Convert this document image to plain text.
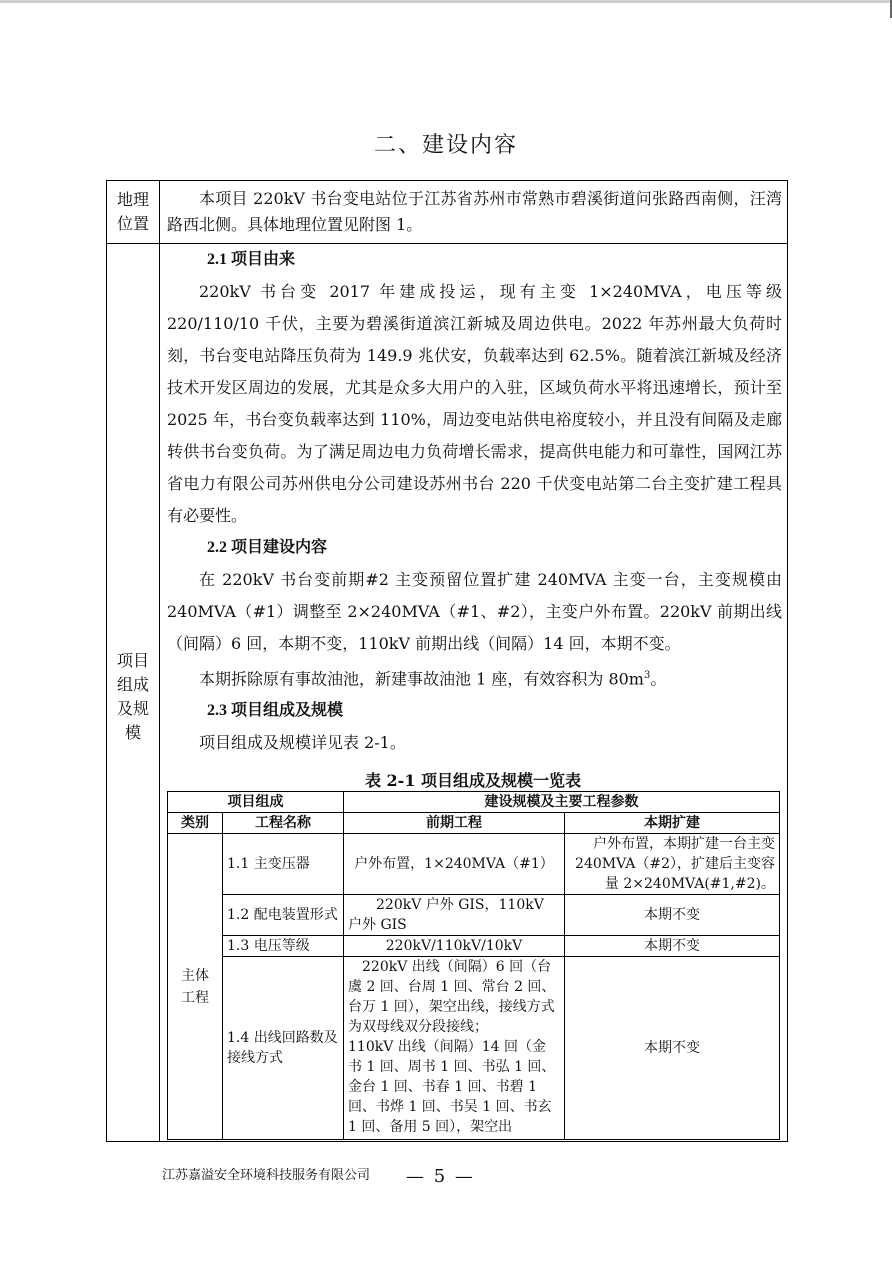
二、建设内容
地理位置

本项目 220kV 书台变电站位于江苏省苏州市常熟市碧溪街道问张路西南侧，汪湾路西北侧。具体地理位置见附图 1。

项目组成及规模

2.1 项目由来

220kV 书台变 2017 年建成投运，现有主变 1×240MVA，电压等级 220/110/10 千伏，主要为碧溪街道滨江新城及周边供电。2022 年苏州最大负荷时刻，书台变电站降压负荷为 149.9 兆伏安，负载率达到 62.5%。随着滨江新城及经济技术开发区周边的发展，尤其是众多大用户的入驻，区域负荷水平将迅速增长，预计至 2025 年，书台变负载率达到 110%，周边变电站供电裕度较小，并且没有间隔及走廊转供书台变负荷。为了满足周边电力负荷增长需求，提高供电能力和可靠性，国网江苏省电力有限公司苏州供电分公司建设苏州书台 220 千伏变电站第二台主变扩建工程具有必要性。

2.2 项目建设内容

在 220kV 书台变前期#2 主变预留位置扩建 240MVA 主变一台，主变规模由 240MVA（#1）调整至 2×240MVA（#1、#2），主变户外布置。220kV 前期出线（间隔）6 回，本期不变，110kV 前期出线（间隔）14 回，本期不变。

本期拆除原有事故油池，新建事故油池 1 座，有效容积为 $80m^3$。

2.3 项目组成及规模

项目组成及规模详见表 2-1。

表 2-1 项目组成及规模一览表
项目组成		建设规模及主要工程参数	
类别	工程名称	前期工程	本期扩建

主体工程	1.1 主变压器	户外布置，1×240MVA（#1）	户外布置，本期扩建一台主变 240MVA（#2），扩建后主变容量 2×240MVA(#1,#2)。
	1.2 配电装置形式	220kV 户外 GIS，110kV 户外 GIS	本期不变
	1.3 电压等级	220kV/110kV/10kV	本期不变
	1.4 出线回路数及接线方式	220kV 出线（间隔）6 回（台虞 2 回、台周 1 回、常台 2 回、台万 1 回），架空出线，接线方式为双母线双分段接线；
110kV 出线（间隔）14 回（金书 1 回、周书 1 回、书弘 1 回、金台 1 回、书春 1 回、书碧 1 回、书烨 1 回、书吴 1 回、书玄 1 回、备用 5 回），架空出	本期不变
江苏嘉溢安全环境科技服务有限公司 — 5 —
